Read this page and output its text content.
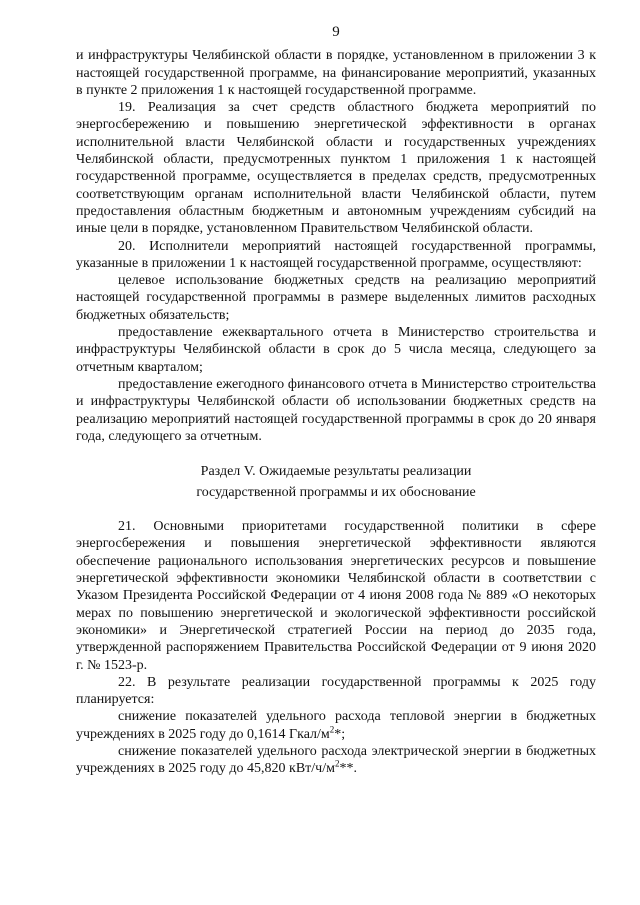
9

и инфраструктуры Челябинской области в порядке, установленном в приложении 3 к настоящей государственной программе, на финансирование мероприятий, указанных в пункте 2 приложения 1 к настоящей государственной программе.

19. Реализация за счет средств областного бюджета мероприятий по энергосбережению и повышению энергетической эффективности в органах исполнительной власти Челябинской области и государственных учреждениях Челябинской области, предусмотренных пунктом 1 приложения 1 к настоящей государственной программе, осуществляется в пределах средств, предусмотренных соответствующим органам исполнительной власти Челябинской области, путем предоставления областным бюджетным и автономным учреждениям субсидий на иные цели в порядке, установленном Правительством Челябинской области.

20. Исполнители мероприятий настоящей государственной программы, указанные в приложении 1 к настоящей государственной программе, осуществляют:

целевое использование бюджетных средств на реализацию мероприятий настоящей государственной программы в размере выделенных лимитов расходных бюджетных обязательств;

предоставление ежеквартального отчета в Министерство строительства и инфраструктуры Челябинской области в срок до 5 числа месяца, следующего за отчетным кварталом;

предоставление ежегодного финансового отчета в Министерство строительства и инфраструктуры Челябинской области об использовании бюджетных средств на реализацию мероприятий настоящей государственной программы в срок до 20 января года, следующего за отчетным.

Раздел V. Ожидаемые результаты реализации
государственной программы и их обоснование

21. Основными приоритетами государственной политики в сфере энергосбережения и повышения энергетической эффективности являются обеспечение рационального использования энергетических ресурсов и повышение энергетической эффективности экономики Челябинской области в соответствии с Указом Президента Российской Федерации от 4 июня 2008 года № 889 «О некоторых мерах по повышению энергетической и экологической эффективности российской экономики» и Энергетической стратегией России на период до 2035 года, утвержденной распоряжением Правительства Российской Федерации от 9 июня 2020 г. № 1523-р.

22. В результате реализации государственной программы к 2025 году планируется:

снижение показателей удельного расхода тепловой энергии в бюджетных учреждениях в 2025 году до 0,1614 Гкал/$м^2*$;

снижение показателей удельного расхода электрической энергии в бюджетных учреждениях в 2025 году до 45,820 кВт/$ч/м^2**$.
